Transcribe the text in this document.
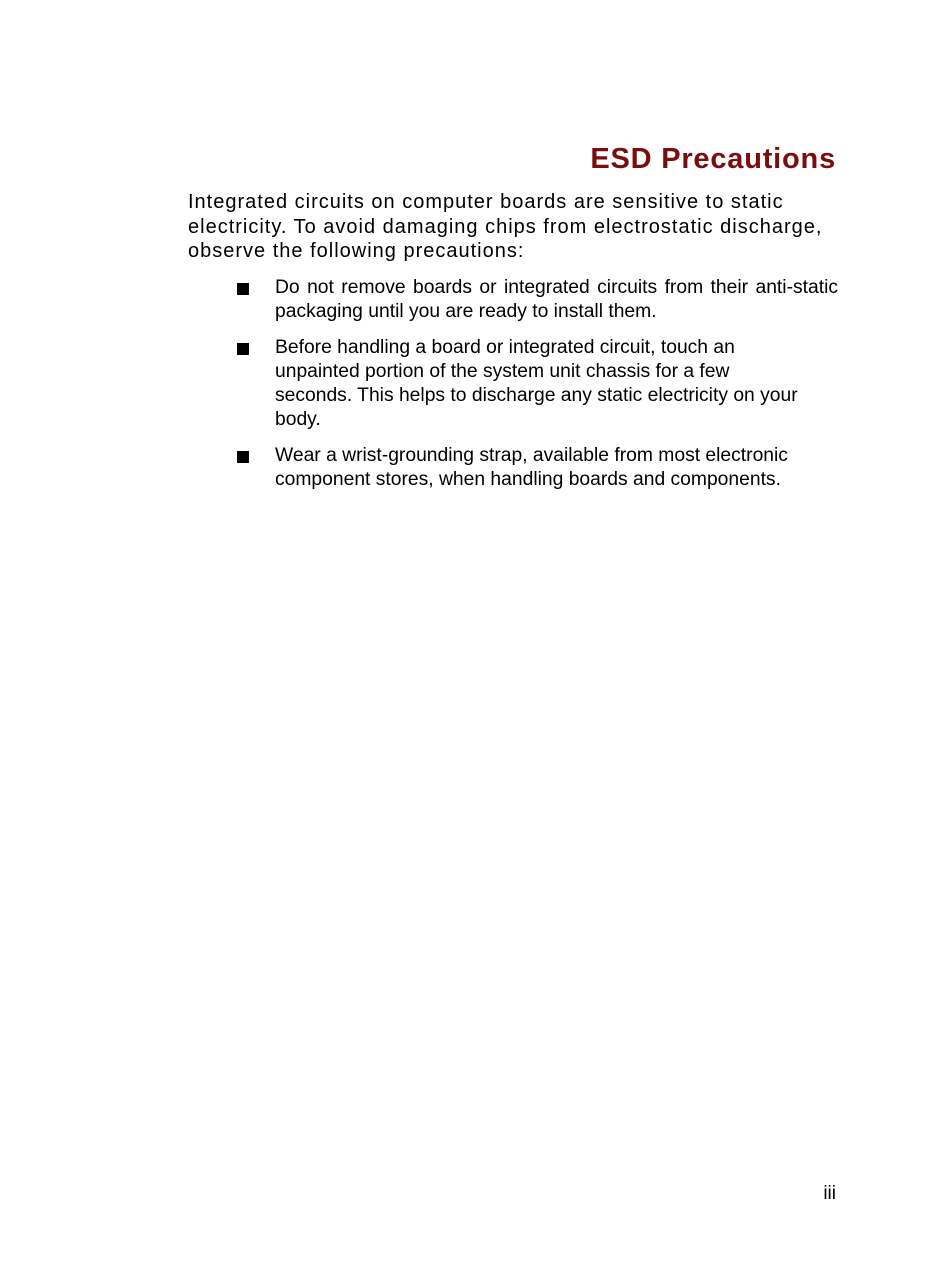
ESD Precautions

Integrated circuits on computer boards are sensitive to static electricity. To avoid damaging chips from electrostatic discharge, observe the following precautions:

Do not remove boards or integrated circuits from their anti-static packaging until you are ready to install them.
Before handling a board or integrated circuit, touch an unpainted portion of the system unit chassis for a few seconds. This helps to discharge any static electricity on your body.
Wear a wrist-grounding strap, available from most electronic component stores, when handling boards and components.

iii
